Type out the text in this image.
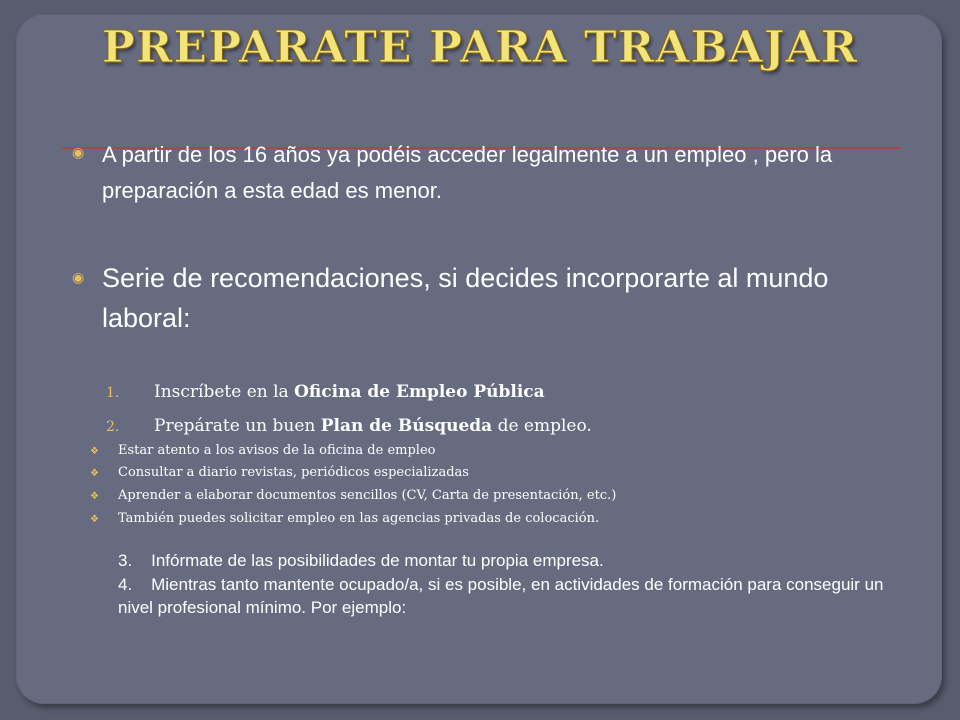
PREPARATE PARA TRABAJAR
◉ A partir de los 16 años ya podéis acceder legalmente a un empleo , pero la preparación a esta edad es menor.
◉ Serie de recomendaciones, si decides incorporarte al mundo laboral:
1.	Inscríbete en la Oficina de Empleo Pública
2.	Prepárate un buen Plan de Búsqueda de empleo.
❖	Estar atento a los avisos de la oficina de empleo
❖	Consultar a diario revistas, periódicos especializadas
❖	Aprender a elaborar documentos sencillos (CV, Carta de presentación, etc.)
❖	También puedes solicitar empleo en las agencias privadas de colocación.
3. Infórmate de las posibilidades de montar tu propia empresa.
4. Mientras tanto mantente ocupado/a, si es posible, en actividades de formación para conseguir un nivel profesional mínimo. Por ejemplo:
